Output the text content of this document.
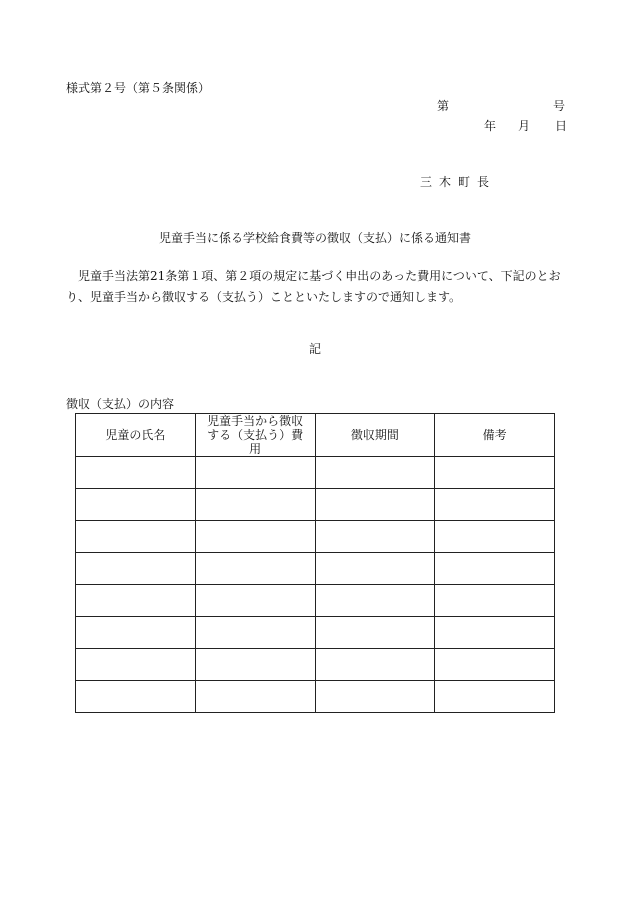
様式第２号（第５条関係）
第	号
年 月 日
三木町長
児童手当に係る学校給食費等の徴収（支払）に係る通知書
児童手当法第21条第１項、第２項の規定に基づく申出のあった費用について、下記のとおり、児童手当から徴収する（支払う）ことといたしますので通知します。
記
徴収（支払）の内容
児童の氏名	児童手当から徴収する（支払う）費用	徴収期間	備考
